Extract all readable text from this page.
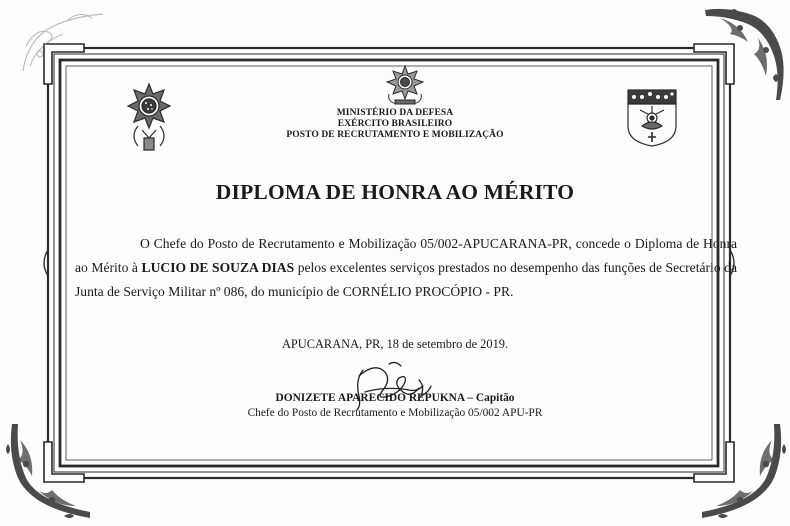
MINISTÉRIO DA DEFESA
EXÉRCITO BRASILEIRO
POSTO DE RECRUTAMENTO E MOBILIZAÇÃO
DIPLOMA DE HONRA AO MÉRITO

O Chefe do Posto de Recrutamento e Mobilização 05/002-APUCARANA-PR, concede o Diploma de Honra ao Mérito à LUCIO DE SOUZA DIAS pelos excelentes serviços prestados no desempenho das funções de Secretário da Junta de Serviço Militar nº 086, do município de CORNÉLIO PROCÓPIO - PR.

APUCARANA, PR, 18 de setembro de 2019.
DONIZETE APARECIDO REPUKNA – Capitão
Chefe do Posto de Recrutamento e Mobilização 05/002 APU-PR
